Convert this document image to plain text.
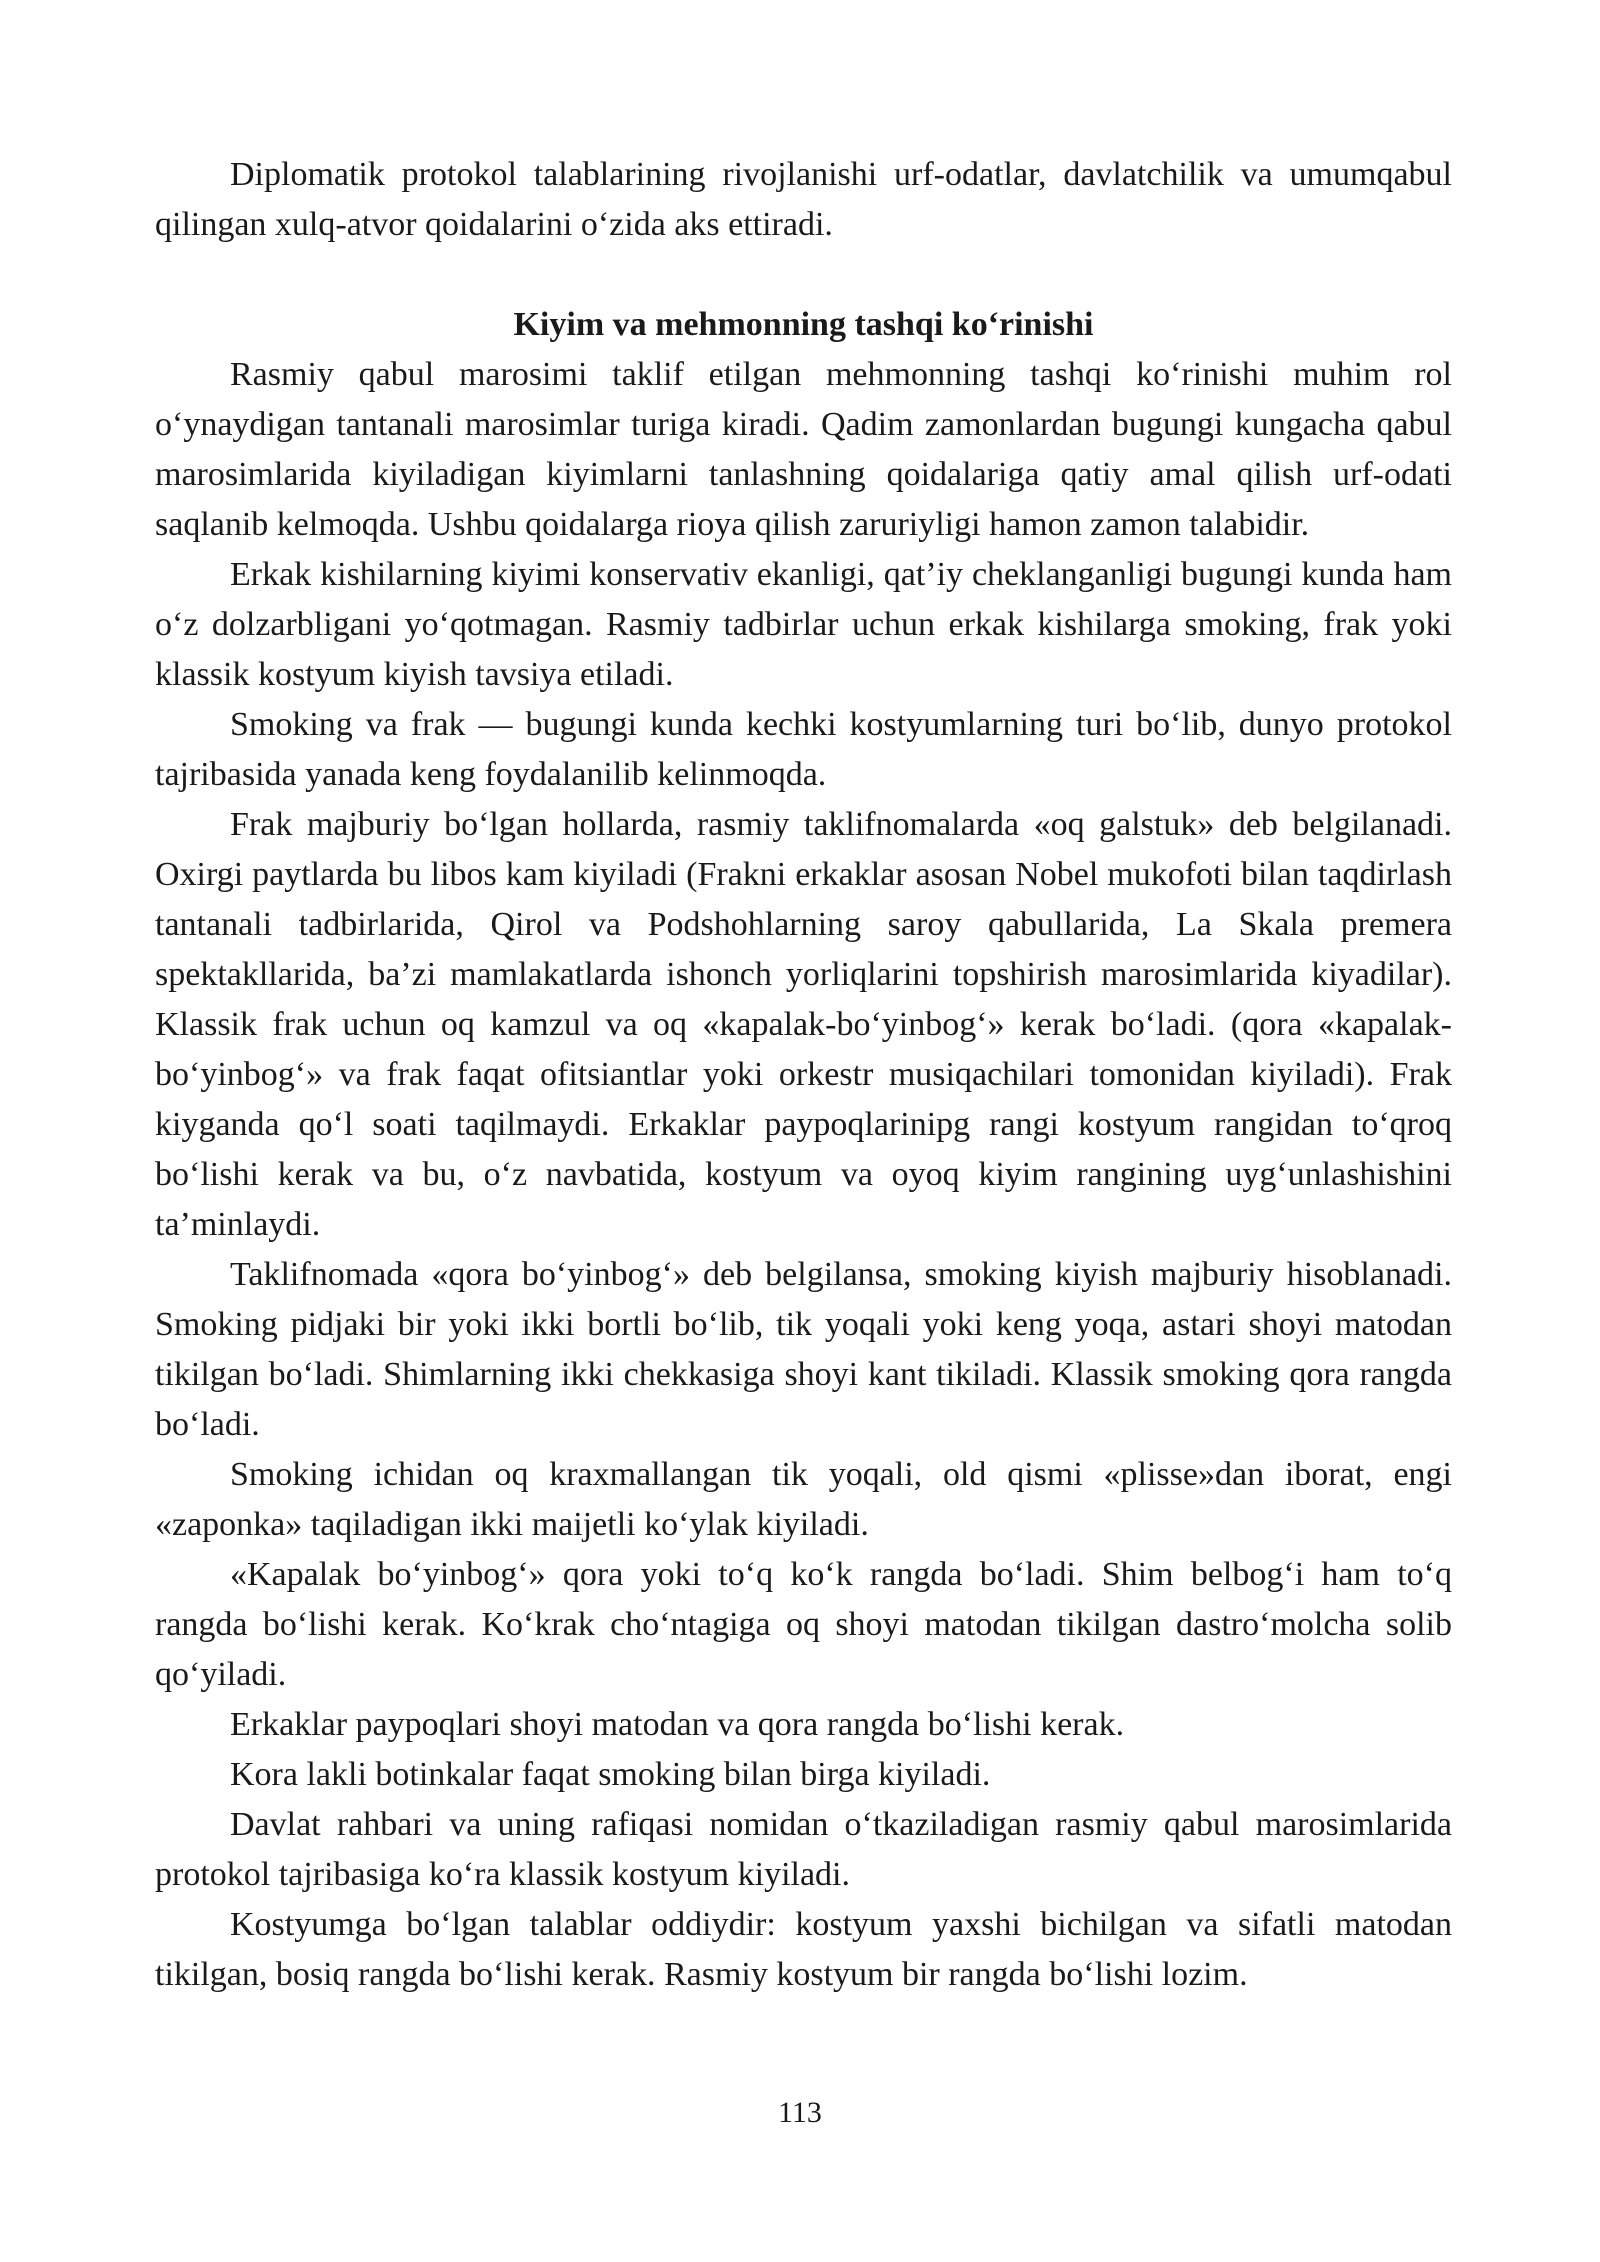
Diplomatik protokol talablarining rivojlanishi urf-odatlar, davlatchilik va umumqabul qilingan xulq-atvor qoidalarini o‘zida aks ettiradi.

Kiyim va mehmonning tashqi ko‘rinishi

Rasmiy qabul marosimi taklif etilgan mehmonning tashqi ko‘rinishi muhim rol o‘ynaydigan tantanali marosimlar turiga kiradi. Qadim zamonlardan bugungi kungacha qabul marosimlarida kiyiladigan kiyimlarni tanlashning qoidalariga qatiy amal qilish urf-odati saqlanib kelmoqda. Ushbu qoidalarga rioya qilish zaruriyligi hamon zamon talabidir.

Erkak kishilarning kiyimi konservativ ekanligi, qat’iy cheklanganligi bugungi kunda ham o‘z dolzarbligani yo‘qotmagan. Rasmiy tadbirlar uchun erkak kishilarga smoking, frak yoki klassik kostyum kiyish tavsiya etiladi.

Smoking va frak — bugungi kunda kechki kostyumlarning turi bo‘lib, dunyo protokol tajribasida yanada keng foydalanilib kelinmoqda.

Frak majburiy bo‘lgan hollarda, rasmiy taklifnomalarda «oq galstuk» deb belgilanadi. Oxirgi paytlarda bu libos kam kiyiladi (Frakni erkaklar asosan Nobel mukofoti bilan taqdirlash tantanali tadbirlarida, Qirol va Podshohlarning saroy qabullarida, La Skala premera spektakllarida, ba’zi mamlakatlarda ishonch yorliqlarini topshirish marosimlarida kiyadilar). Klassik frak uchun oq kamzul va oq «kapalak-bo‘yinbog‘» kerak bo‘ladi. (qora «kapalak-bo‘yinbog‘» va frak faqat ofitsiantlar yoki orkestr musiqachilari tomonidan kiyiladi). Frak kiyganda qo‘l soati taqilmaydi. Erkaklar paypoqlarinipg rangi kostyum rangidan to‘qroq bo‘lishi kerak va bu, o‘z navbatida, kostyum va oyoq kiyim rangining uyg‘unlashishini ta’minlaydi.

Taklifnomada «qora bo‘yinbog‘» deb belgilansa, smoking kiyish majburiy hisoblanadi. Smoking pidjaki bir yoki ikki bortli bo‘lib, tik yoqali yoki keng yoqa, astari shoyi matodan tikilgan bo‘ladi. Shimlarning ikki chekkasiga shoyi kant tikiladi. Klassik smoking qora rangda bo‘ladi.

Smoking ichidan oq kraxmallangan tik yoqali, old qismi «plisse»dan iborat, engi «zaponka» taqiladigan ikki maijetli ko‘ylak kiyiladi.

«Kapalak bo‘yinbog‘» qora yoki to‘q ko‘k rangda bo‘ladi. Shim belbog‘i ham to‘q rangda bo‘lishi kerak. Ko‘krak cho‘ntagiga oq shoyi matodan tikilgan dastro‘molcha solib qo‘yiladi.

Erkaklar paypoqlari shoyi matodan va qora rangda bo‘lishi kerak.

Kora lakli botinkalar faqat smoking bilan birga kiyiladi.

Davlat rahbari va uning rafiqasi nomidan o‘tkaziladigan rasmiy qabul marosimlarida protokol tajribasiga ko‘ra klassik kostyum kiyiladi.

Kostyumga bo‘lgan talablar oddiydir: kostyum yaxshi bichilgan va sifatli matodan tikilgan, bosiq rangda bo‘lishi kerak. Rasmiy kostyum bir rangda bo‘lishi lozim.

113
